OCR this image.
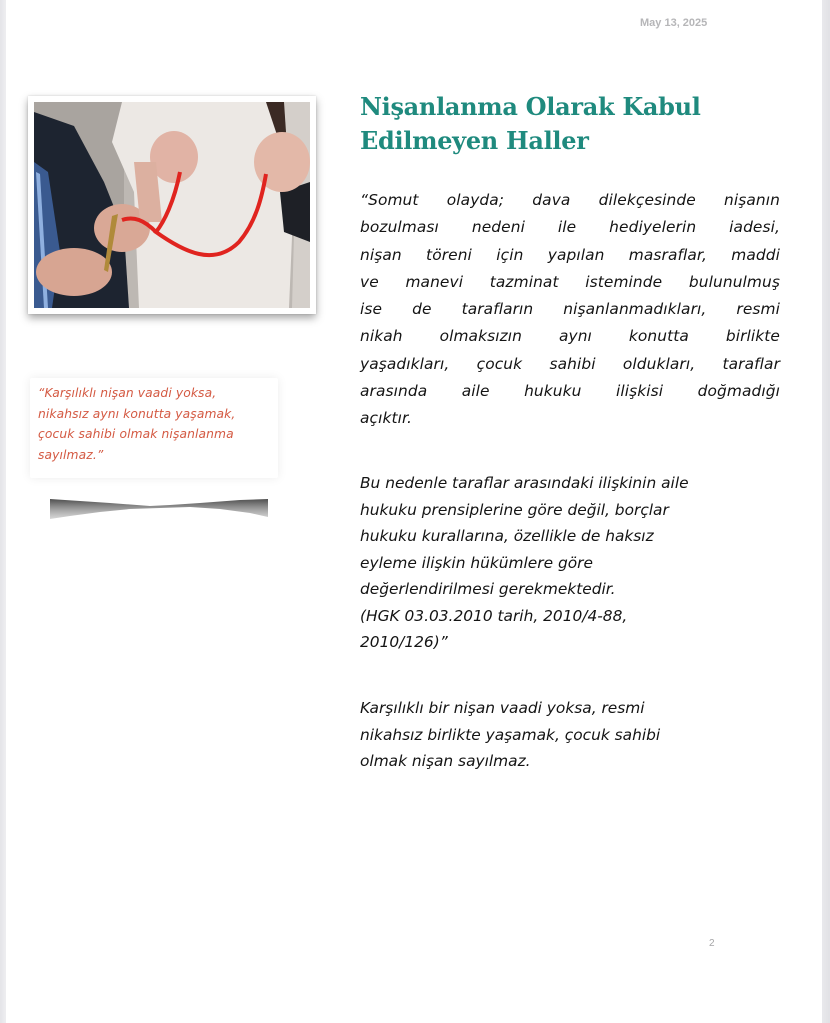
May 13, 2025
“Karşılıklı nişan vaadi yoksa,
nikahsız aynı konutta yaşamak,
çocuk sahibi olmak nişanlanma
sayılmaz.”
Nişanlanma Olarak Kabul
Edilmeyen Haller
“Somut olayda; dava dilekçesinde nişanın
bozulması nedeni ile hediyelerin iadesi,
nişan töreni için yapılan masraflar, maddi
ve manevi tazminat isteminde bulunulmuş
ise de tarafların nişanlanmadıkları, resmi
nikah olmaksızın aynı konutta birlikte
yaşadıkları, çocuk sahibi oldukları, taraflar
arasında aile hukuku ilişkisi doğmadığı
açıktır.
Bu nedenle taraflar arasındaki ilişkinin aile
hukuku prensiplerine göre değil, borçlar
hukuku kurallarına, özellikle de haksız
eyleme ilişkin hükümlere göre
değerlendirilmesi gerekmektedir.
(HGK 03.03.2010 tarih, 2010/4-88,
2010/126)”
Karşılıklı bir nişan vaadi yoksa, resmi
nikahsız birlikte yaşamak, çocuk sahibi
olmak nişan sayılmaz.
2
